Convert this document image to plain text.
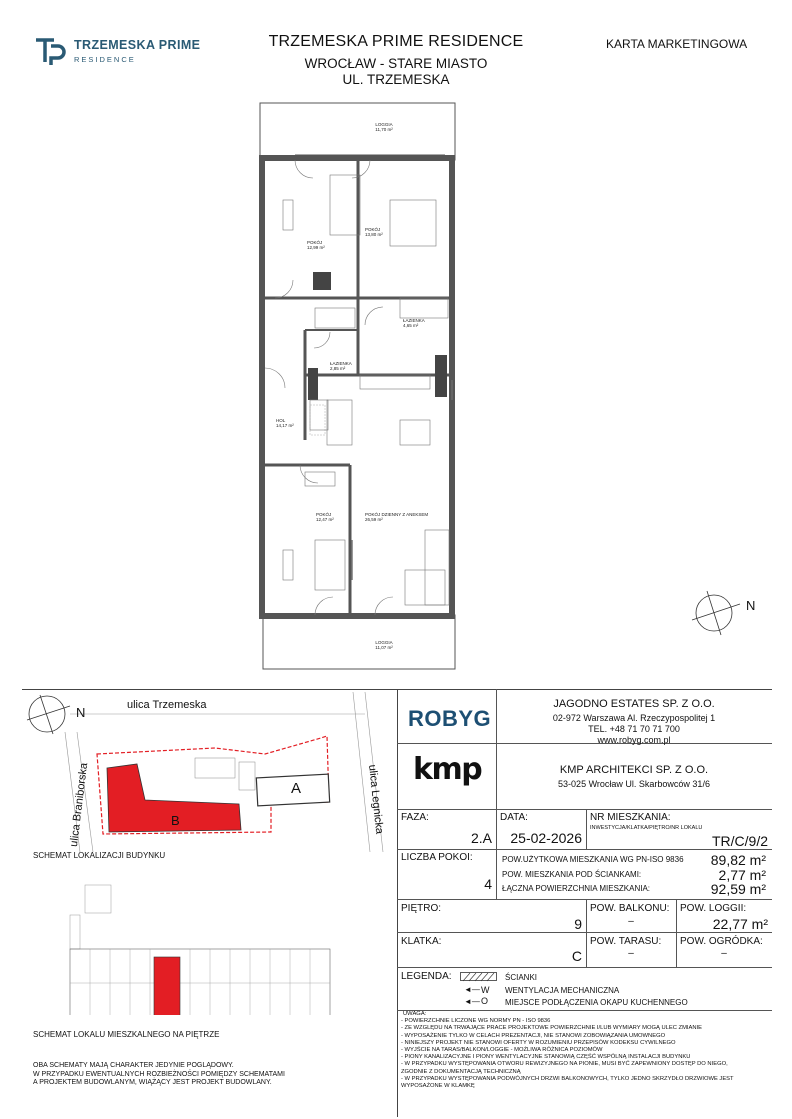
TRZEMESKA PRIME
RESIDENCE
TRZEMESKA PRIME RESIDENCE
WROCŁAW - STARE MIASTO
UL. TRZEMESKA
KARTA MARKETINGOWA
LOGGIA
11,70 m²
POKÓJ
12,99 m²
POKÓJ
13,80 m²
ŁAZIENKA
4,65 m²
ŁAZIENKA
2,85 m²
HOL
14,17 m²
POKÓJ
12,47 m²
POKÓJ DZIENNY Z ANEKSEM
26,59 m²
LOGGIA
11,07 m²
N
ulica Trzemeska
ulica Braniborska	ulica Legnicka
A
B
N
SCHEMAT LOKALIZACJI BUDYNKU
SCHEMAT LOKALU MIESZKALNEGO NA PIĘTRZE
OBA SCHEMATY MAJĄ CHARAKTER JEDYNIE POGLĄDOWY.
W PRZYPADKU EWENTUALNYCH ROZBIEŻNOŚCI POMIĘDZY SCHEMATAMI
A PROJEKTEM BUDOWLANYM, WIĄŻĄCY JEST PROJEKT BUDOWLANY.
ROBYG
JAGODNO ESTATES SP. Z O.O.
02-972 Warszawa Al. Rzeczypospolitej 1
TEL. +48 71 70 71 700
www.robyg.com.pl
kmp	KMP ARCHITEKCI SP. Z O.O.
53-025 Wrocław Ul. Skarbowców 31/6
FAZA:
2.A
DATA:
25-02-2026
NR MIESZKANIA:
INWESTYCJA/KLATKA/PIĘTRO/NR LOKALU
TR/C/9/2
LICZBA POKOI:
4
POW.UŻYTKOWA MIESZKANIA WG PN-ISO 9836	89,82 m²
POW. MIESZKANIA POD ŚCIANKAMI:	2,77 m²
ŁĄCZNA POWIERZCHNIA MIESZKANIA:	92,59 m²
PIĘTRO:
9
POW. BALKONU:
–
POW. LOGGII:
22,77 m²
KLATKA:
C
POW. TARASU:
–
POW. OGRÓDKA:
–
LEGENDA:	ŚCIANKI
◄— W WENTYLACJA MECHANICZNA
◄— O MIEJSCE PODŁĄCZENIA OKAPU KUCHENNEGO
UWAGA:
- POWIERZCHNIE LICZONE WG NORMY PN - ISO 9836
- ZE WZGLĘDU NA TRWAJĄCE PRACE PROJEKTOWE POWIERZCHNIE I/LUB WYMIARY MOGĄ ULEC ZMIANIE
- WYPOSAŻENIE TYLKO W CELACH PREZENTACJI, NIE STANOWI ZOBOWIĄZANIA UMOWNEGO
- NINIEJSZY PROJEKT NIE STANOWI OFERTY W ROZUMIENIU PRZEPISÓW KODEKSU CYWILNEGO
- WYJŚCIE NA TARAS/BALKON/LOGGIE - MOŻLIWA RÓŻNICA POZIOMÓW
- PIONY KANALIZACYJNE I PIONY WENTYLACYJNE STANOWIĄ CZĘŚĆ WSPÓLNĄ INSTALACJI BUDYNKU
- W PRZYPADKU WYSTĘPOWANIA OTWORU REWIZYJNEGO NA PIONIE, MUSI BYĆ ZAPEWNIONY DOSTĘP DO NIEGO,
ZGODNIE Z DOKUMENTACJĄ TECHNICZNĄ
- W PRZYPADKU WYSTĘPOWANIA PODWÓJNYCH DRZWI BALKONOWYCH, TYLKO JEDNO SKRZYDŁO DRZWIOWE JEST
WYPOSAŻONE W KLAMKĘ
